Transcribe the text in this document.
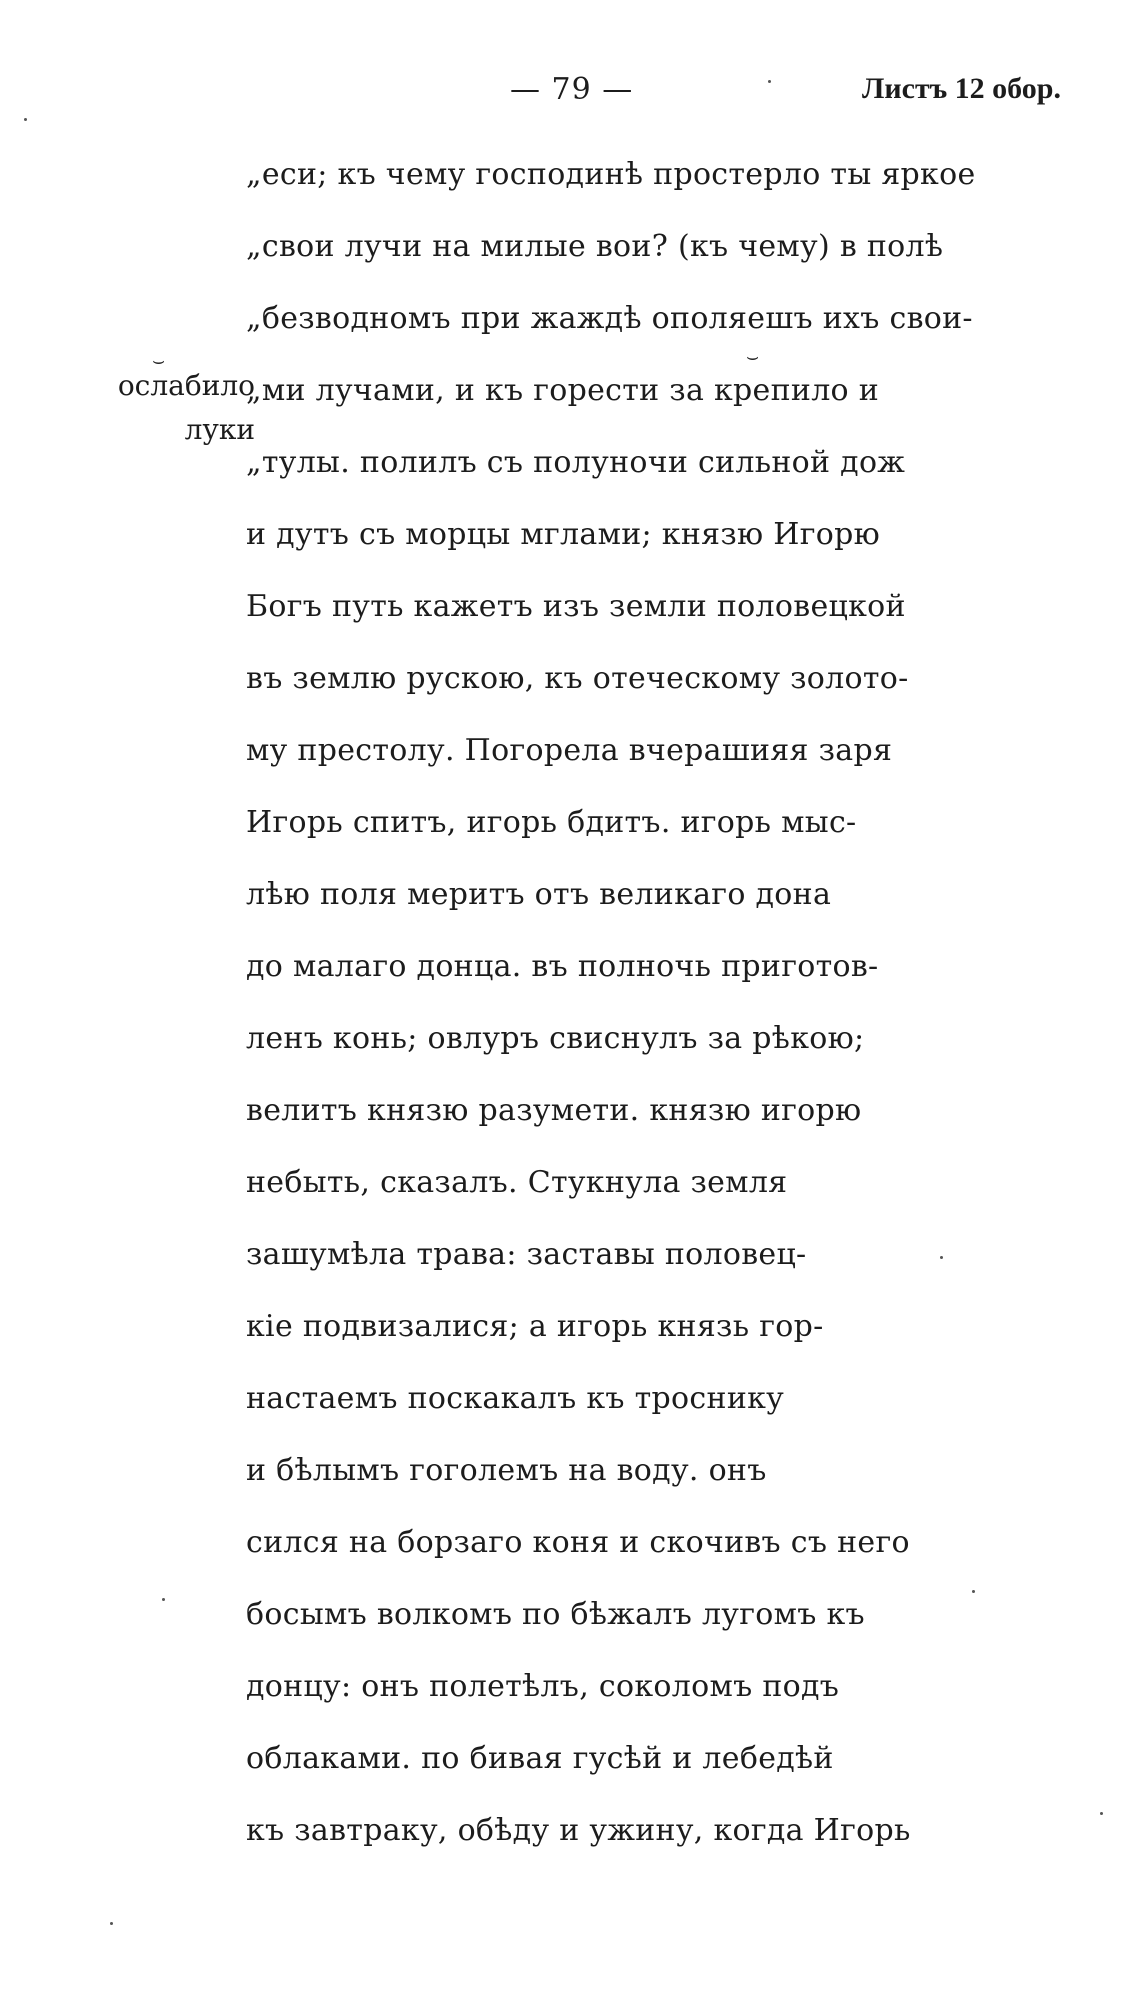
— 79 —	Листъ 12 обор.
ослабило
луки
⌣	⌣
„еси; къ чему господинѣ простерло ты яркое
„свои лучи на милые вои? (къ чему) в полѣ
„безводномъ при жаждѣ ополяешъ ихъ свои-
„ми лучами, и къ горести за крепило и
„тулы. полилъ съ полуночи сильной дож
и дутъ съ морцы мглами; князю Игорю
Богъ путь кажетъ изъ земли половецкой
въ землю рускою, къ отеческому золото-
му престолу. Погорела вчерашияя заря
Игорь спитъ, игорь бдитъ. игорь мыс-
лѣю поля меритъ отъ великаго дона
до малаго донца. въ полночь приготов-
ленъ конь; овлуръ свиснулъ за рѣкою;
велитъ князю разумети. князю игорю
небыть, сказалъ. Стукнула земля
зашумѣла трава: заставы половец-
кіе подвизалися; а игорь князь гор-
настаемъ поскакалъ къ троснику
и бѣлымъ гоголемъ на воду. онъ
сился на борзаго коня и скочивъ съ него
босымъ волкомъ по бѣжалъ лугомъ къ
донцу: онъ полетѣлъ, соколомъ подъ
облаками. по бивая гусѣй и лебедѣй
къ завтраку, обѣду и ужину, когда Игорь
